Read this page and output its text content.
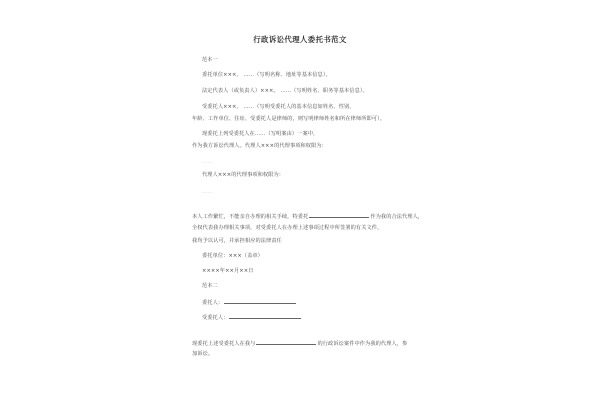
行政诉讼代理人委托书范文
范本一
委托单位×××。 ……（写明名称、地址等基本信息）。
法定代表人（或负责人）×××。 ……（写明姓名、职务等基本信息）。
受委托人×××。 ……（写明受委托人的基本信息如姓名、性别、
年龄、工作单位、住址、受委托人是律师的，则写明律师姓名和所在律师所即可）。
现委托上列受委托人在……（写明案由）一案中，
作为我方诉讼代理人。代理人×××的代理事项和权限为：
……
代理人×××的代理事项和权限为：
……
本人工作繁忙，不能亲自办理的相关手续，特委托	作为我的合法代理人，
全权代表我办理相关事项，对受委托人在办理上述事项过程中所签署的有关文件，
我均予以认可，并承担相应的法律责任
委托单位：×××（盖章）
××××年××月××日
范本二
委托人：
受委托人：
现委托上述受委托人在我与	的行政诉讼案件中作为我的代理人，参
加诉讼。
